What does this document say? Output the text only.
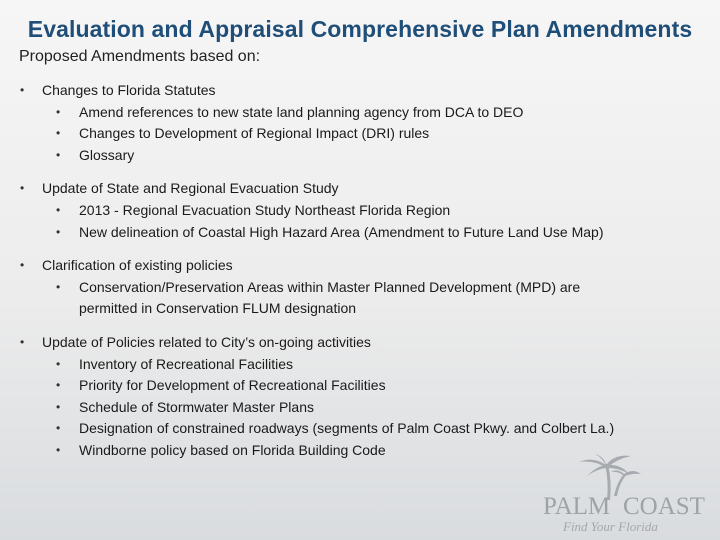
Evaluation and Appraisal Comprehensive Plan Amendments

Proposed Amendments based on:

• Changes to Florida Statutes
• Amend references to new state land planning agency from DCA to DEO
• Changes to Development of Regional Impact (DRI) rules
• Glossary
• Update of State and Regional Evacuation Study
• 2013 - Regional Evacuation Study Northeast Florida Region
• New delineation of Coastal High Hazard Area (Amendment to Future Land Use Map)
• Clarification of existing policies
• Conservation/Preservation Areas within Master Planned Development (MPD) are
permitted in Conservation FLUM designation
• Update of Policies related to City’s on-going activities
• Inventory of Recreational Facilities
• Priority for Development of Recreational Facilities
• Schedule of Stormwater Master Plans
• Designation of constrained roadways (segments of Palm Coast Pkwy. and Colbert La.)
• Windborne policy based on Florida Building Code
PALM COAST
Find Your Florida
